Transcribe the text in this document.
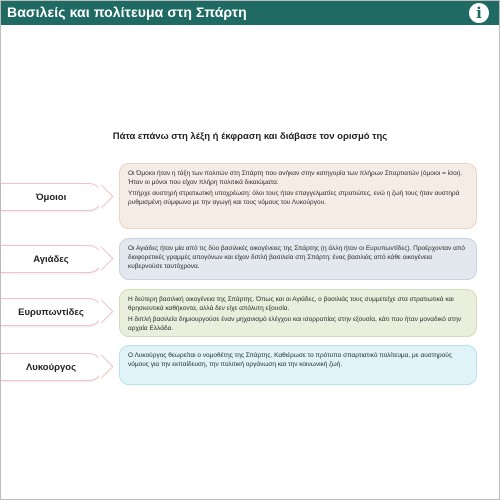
Βασιλείς και πολίτευμα στη Σπάρτη	i
Πάτα επάνω στη λέξη ή έκφραση και διάβασε τον ορισμό της
Όμοιοι

Οι Όμοιοι ήταν η τάξη των πολιτών στη Σπάρτη που ανήκαν στην κατηγορία των πλήρων Σπαρτιατών (όμοιοι = ίσοι). Ήταν οι μόνοι που είχαν πλήρη πολιτικά δικαιώματα.

Υπήρχε αυστηρή στρατιωτική υποχρέωση: όλοι τους ήταν επαγγελματίες στρατιώτες, ενώ η ζωή τους ήταν αυστηρά ρυθμισμένη σύμφωνα με την αγωγή και τους νόμους του Λυκούργου.

Αγιάδες

Οι Αγιάδες ήταν μία από τις δύο βασιλικές οικογένειες της Σπάρτης (η άλλη ήταν οι Ευρυπωντίδες). Προέρχονταν από διαφορετικές γραμμές απογόνων και είχαν διπλή βασιλεία στη Σπάρτη: ένας βασιλιάς από κάθε οικογένεια κυβερνούσε ταυτόχρονα.

Ευρυπωντίδες

Η δεύτερη βασιλική οικογένεια της Σπάρτης. Όπως και οι Αγιάδες, ο βασιλιάς τους συμμετείχε στα στρατιωτικά και θρησκευτικά καθήκοντα, αλλά δεν είχε απόλυτη εξουσία.

Η διπλή βασιλεία δημιουργούσε έναν μηχανισμό ελέγχου και ισορροπίας στην εξουσία, κάτι που ήταν μοναδικό στην αρχαία Ελλάδα.

Λυκούργος

Ο Λυκούργος θεωρείται ο νομοθέτης της Σπάρτης. Καθιέρωσε το πρότυπο σπαρτιατικό πολίτευμα, με αυστηρούς νόμους για την εκπαίδευση, την πολιτική οργάνωση και την κοινωνική ζωή.
